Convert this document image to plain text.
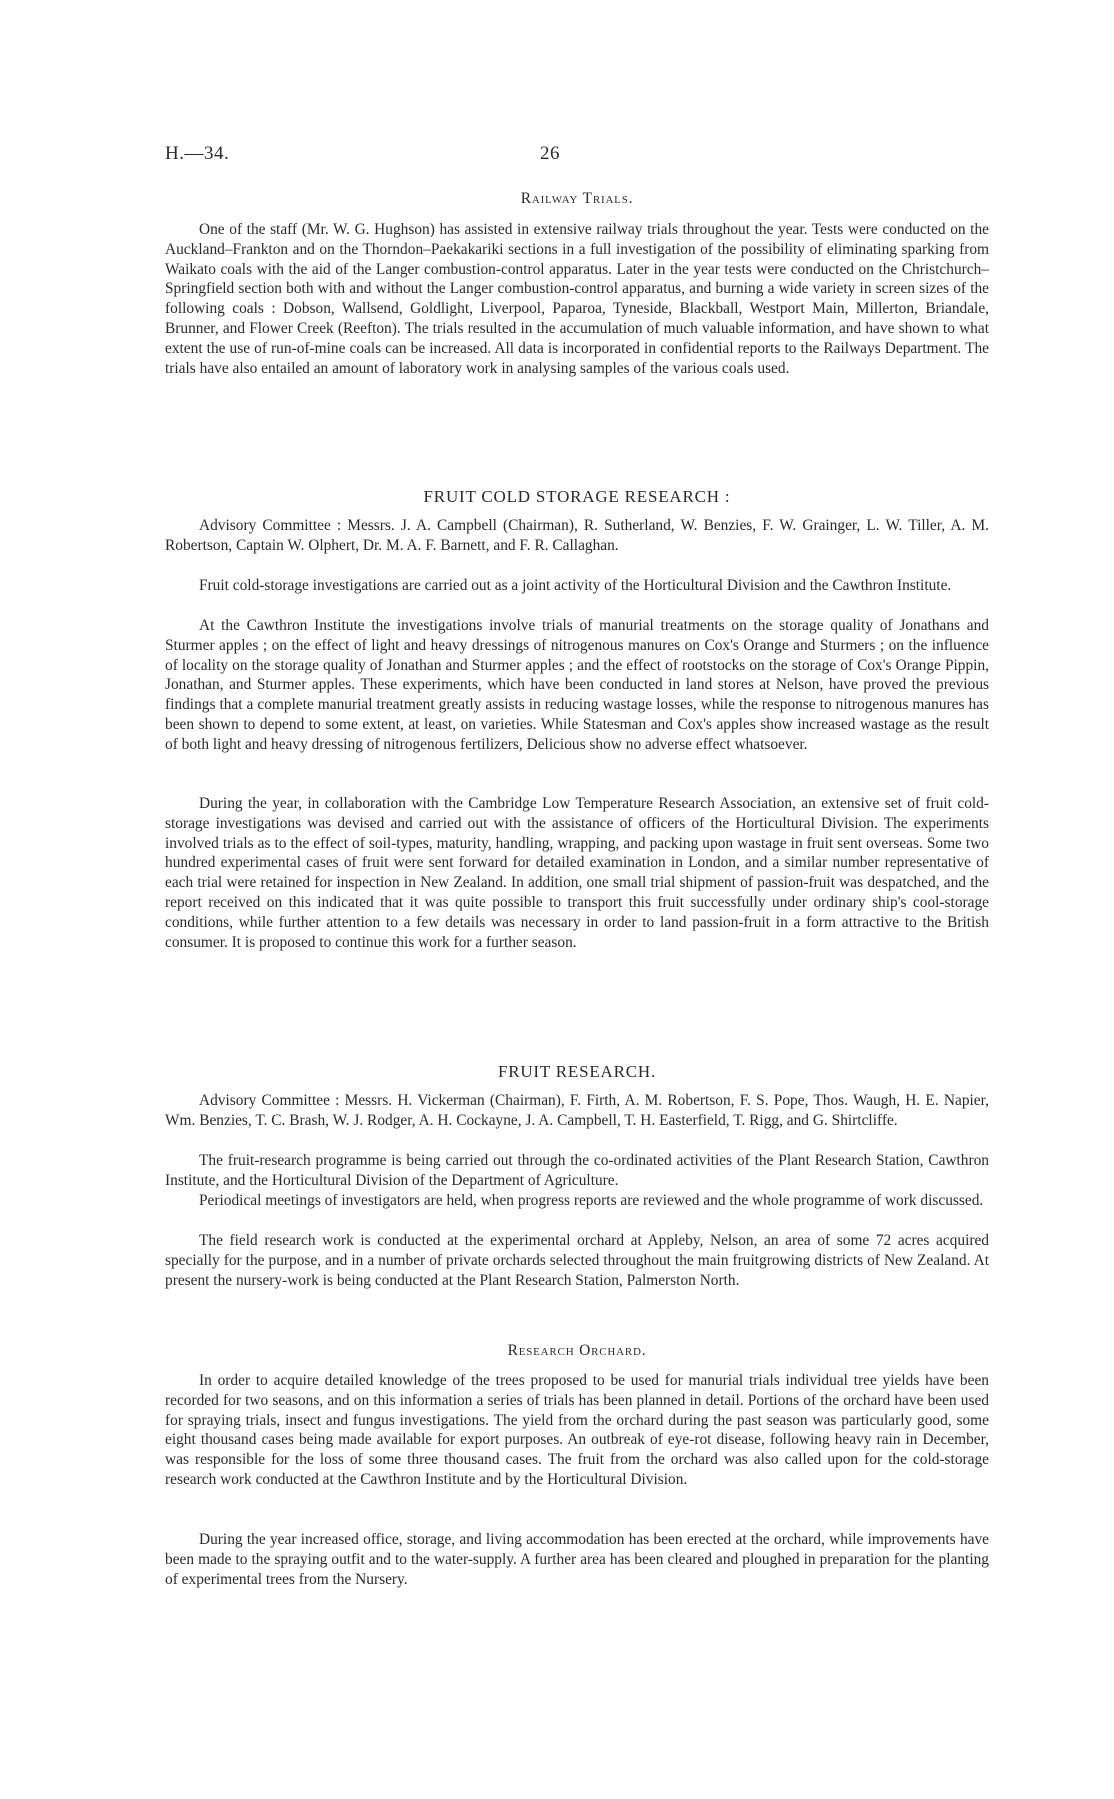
H.—34.	26
Railway Trials.

One of the staff (Mr. W. G. Hughson) has assisted in extensive railway trials throughout the year. Tests were conducted on the Auckland–Frankton and on the Thorndon–Paekakariki sections in a full investigation of the possibility of eliminating sparking from Waikato coals with the aid of the Langer combustion-control apparatus. Later in the year tests were conducted on the Christchurch–Springfield section both with and without the Langer combustion-control apparatus, and burning a wide variety in screen sizes of the following coals : Dobson, Wallsend, Goldlight, Liverpool, Paparoa, Tyneside, Blackball, Westport Main, Millerton, Briandale, Brunner, and Flower Creek (Reefton). The trials resulted in the accumulation of much valuable information, and have shown to what extent the use of run-of-mine coals can be increased. All data is incorporated in confidential reports to the Railways Department. The trials have also entailed an amount of laboratory work in analysing samples of the various coals used.

FRUIT COLD STORAGE RESEARCH :

Advisory Committee : Messrs. J. A. Campbell (Chairman), R. Sutherland, W. Benzies, F. W. Grainger, L. W. Tiller, A. M. Robertson, Captain W. Olphert, Dr. M. A. F. Barnett, and F. R. Callaghan.

Fruit cold-storage investigations are carried out as a joint activity of the Horticultural Division and the Cawthron Institute.

At the Cawthron Institute the investigations involve trials of manurial treatments on the storage quality of Jonathans and Sturmer apples ; on the effect of light and heavy dressings of nitrogenous manures on Cox's Orange and Sturmers ; on the influence of locality on the storage quality of Jonathan and Sturmer apples ; and the effect of rootstocks on the storage of Cox's Orange Pippin, Jonathan, and Sturmer apples. These experiments, which have been conducted in land stores at Nelson, have proved the previous findings that a complete manurial treatment greatly assists in reducing wastage losses, while the response to nitrogenous manures has been shown to depend to some extent, at least, on varieties. While Statesman and Cox's apples show increased wastage as the result of both light and heavy dressing of nitrogenous fertilizers, Delicious show no adverse effect whatsoever.

During the year, in collaboration with the Cambridge Low Temperature Research Association, an extensive set of fruit cold-storage investigations was devised and carried out with the assistance of officers of the Horticultural Division. The experiments involved trials as to the effect of soil-types, maturity, handling, wrapping, and packing upon wastage in fruit sent overseas. Some two hundred experimental cases of fruit were sent forward for detailed examination in London, and a similar number representative of each trial were retained for inspection in New Zealand. In addition, one small trial shipment of passion-fruit was despatched, and the report received on this indicated that it was quite possible to transport this fruit successfully under ordinary ship's cool-storage conditions, while further attention to a few details was necessary in order to land passion-fruit in a form attractive to the British consumer. It is proposed to continue this work for a further season.

FRUIT RESEARCH.

Advisory Committee : Messrs. H. Vickerman (Chairman), F. Firth, A. M. Robertson, F. S. Pope, Thos. Waugh, H. E. Napier, Wm. Benzies, T. C. Brash, W. J. Rodger, A. H. Cockayne, J. A. Campbell, T. H. Easterfield, T. Rigg, and G. Shirtcliffe.

The fruit-research programme is being carried out through the co-ordinated activities of the Plant Research Station, Cawthron Institute, and the Horticultural Division of the Department of Agriculture.

Periodical meetings of investigators are held, when progress reports are reviewed and the whole programme of work discussed.

The field research work is conducted at the experimental orchard at Appleby, Nelson, an area of some 72 acres acquired specially for the purpose, and in a number of private orchards selected throughout the main fruitgrowing districts of New Zealand. At present the nursery-work is being conducted at the Plant Research Station, Palmerston North.

Research Orchard.

In order to acquire detailed knowledge of the trees proposed to be used for manurial trials individual tree yields have been recorded for two seasons, and on this information a series of trials has been planned in detail. Portions of the orchard have been used for spraying trials, insect and fungus investigations. The yield from the orchard during the past season was particularly good, some eight thousand cases being made available for export purposes. An outbreak of eye-rot disease, following heavy rain in December, was responsible for the loss of some three thousand cases. The fruit from the orchard was also called upon for the cold-storage research work conducted at the Cawthron Institute and by the Horticultural Division.

During the year increased office, storage, and living accommodation has been erected at the orchard, while improvements have been made to the spraying outfit and to the water-supply. A further area has been cleared and ploughed in preparation for the planting of experimental trees from the Nursery.
